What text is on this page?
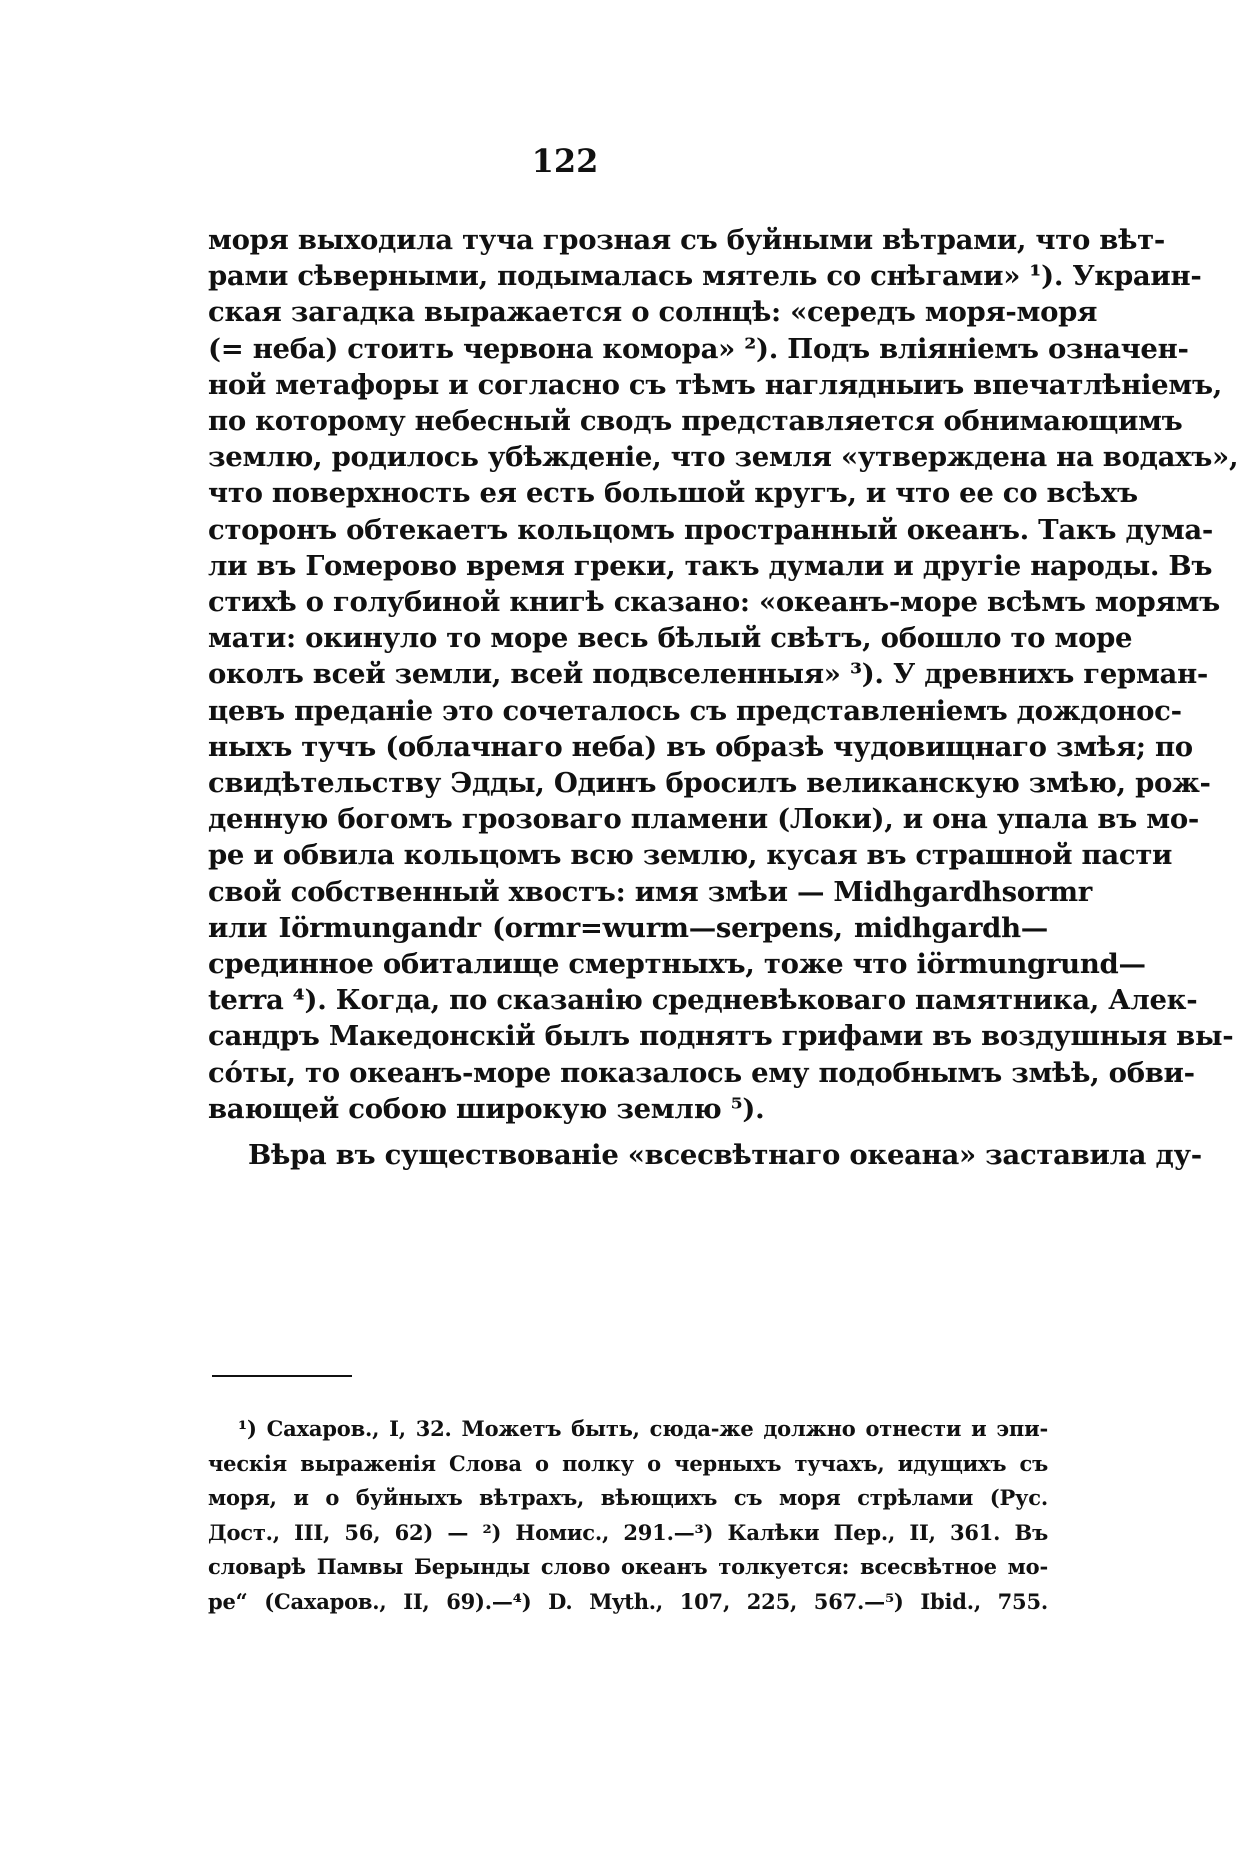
122
моря выходила туча грозная съ буйными вѣтрами, что вѣт-
рами сѣверными, подымалась мятель со снѣгами» ¹). Украин-
ская загадка выражается о солнцѣ: «середъ моря-моря
(= неба) стоить червона комора» ²). Подъ вліяніемъ означен-
ной метафоры и согласно съ тѣмъ наглядныиъ впечатлѣніемъ,
по которому небесный сводъ представляется обнимающимъ
землю, родилось убѣжденіе, что земля «утверждена на водахъ»,
что поверхность ея есть большой кругъ, и что ее со всѣхъ
сторонъ обтекаетъ кольцомъ пространный океанъ. Такъ дума-
ли въ Гомерово время греки, такъ думали и другіе народы. Въ
стихѣ о голубиной книгѣ сказано: «океанъ-море всѣмъ морямъ
мати: окинуло то море весь бѣлый свѣтъ, обошло то море
околъ всей земли, всей подвселенныя» ³). У древнихъ герман-
цевъ преданіе это сочеталось съ представленіемъ дождонос-
ныхъ тучъ (облачнаго неба) въ образѣ чудовищнаго змѣя; по
свидѣтельству Эдды, Одинъ бросилъ великанскую змѣю, рож-
денную богомъ грозоваго пламени (Локи), и она упала въ мо-
ре и обвила кольцомъ всю землю, кусая въ страшной пасти
свой собственный хвостъ: имя змѣи — Midhgardhsormr
или Iörmungandr (ormr=wurm—serpens, midhgardh—
срединное обиталище смертныхъ, тоже что iörmungrund—
terra ⁴). Когда, по сказанію средневѣковаго памятника, Алек-
сандръ Македонскій былъ поднятъ грифами въ воздушныя вы-
сόты, то океанъ-море показалось ему подобнымъ змѣѣ, обви-
вающей собою широкую землю ⁵).
Вѣра въ существованіе «всесвѣтнаго океана» заставила ду-
¹) Сахаров., I, 32. Можетъ быть, сюда-же должно отнести и эпи-
ческія выраженія Слова о полку о черныхъ тучахъ, идущихъ съ
моря, и о буйныхъ вѣтрахъ, вѣющихъ съ моря стрѣлами (Рус.
Дост., III, 56, 62) — ²) Номис., 291.—³) Калѣки Пер., II, 361. Въ
словарѣ Памвы Берынды слово океанъ толкуется: всесвѣтное мо-
ре“ (Сахаров., II, 69).—⁴) D. Myth., 107, 225, 567.—⁵) Ibid., 755.
